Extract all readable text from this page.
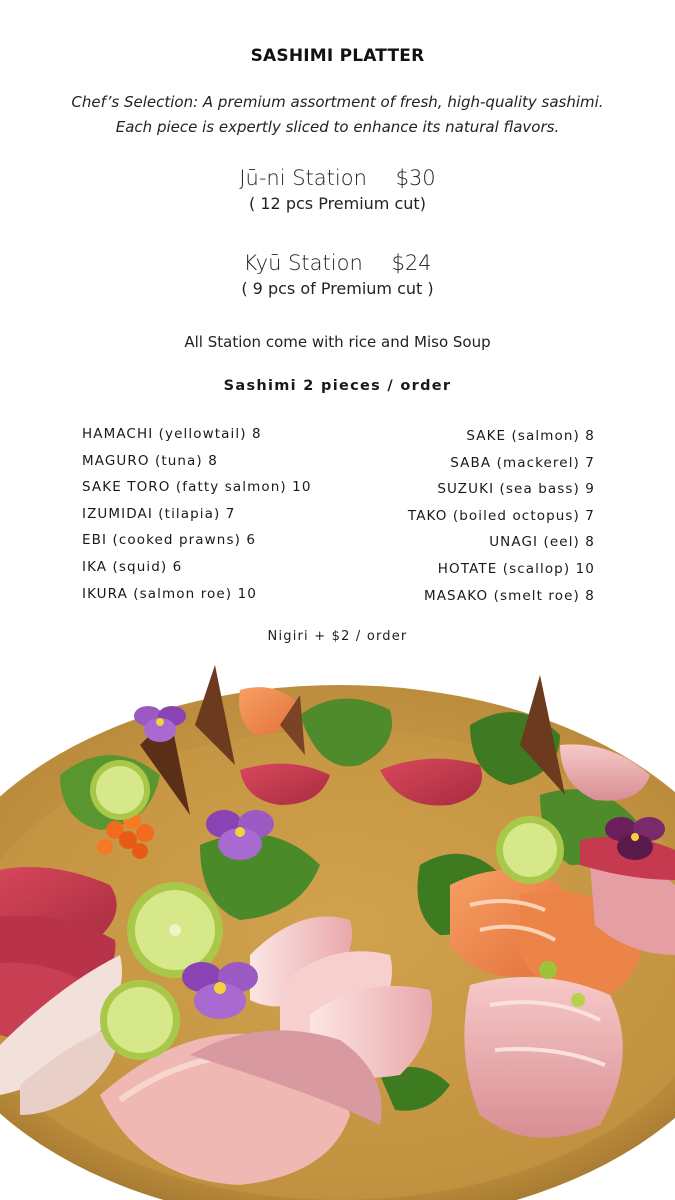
SASHIMI PLATTER
Chef’s Selection: A premium assortment of fresh, high-quality sashimi.
Each piece is expertly sliced to enhance its natural flavors.
Jū-ni Station $30
( 12 pcs Premium cut)
Kyū Station $24
( 9 pcs of Premium cut )
All Station come with rice and Miso Soup
Sashimi 2 pieces / order
HAMACHI (yellowtail) 8
MAGURO (tuna) 8
SAKE TORO (fatty salmon) 10
IZUMIDAI (tilapia) 7
EBI (cooked prawns) 6
IKA (squid) 6
IKURA (salmon roe) 10
SAKE (salmon) 8
SABA (mackerel) 7
SUZUKI (sea bass) 9
TAKO (boiled octopus) 7
UNAGI (eel) 8
HOTATE (scallop) 10
MASAKO (smelt roe) 8
Nigiri + $2 / order
